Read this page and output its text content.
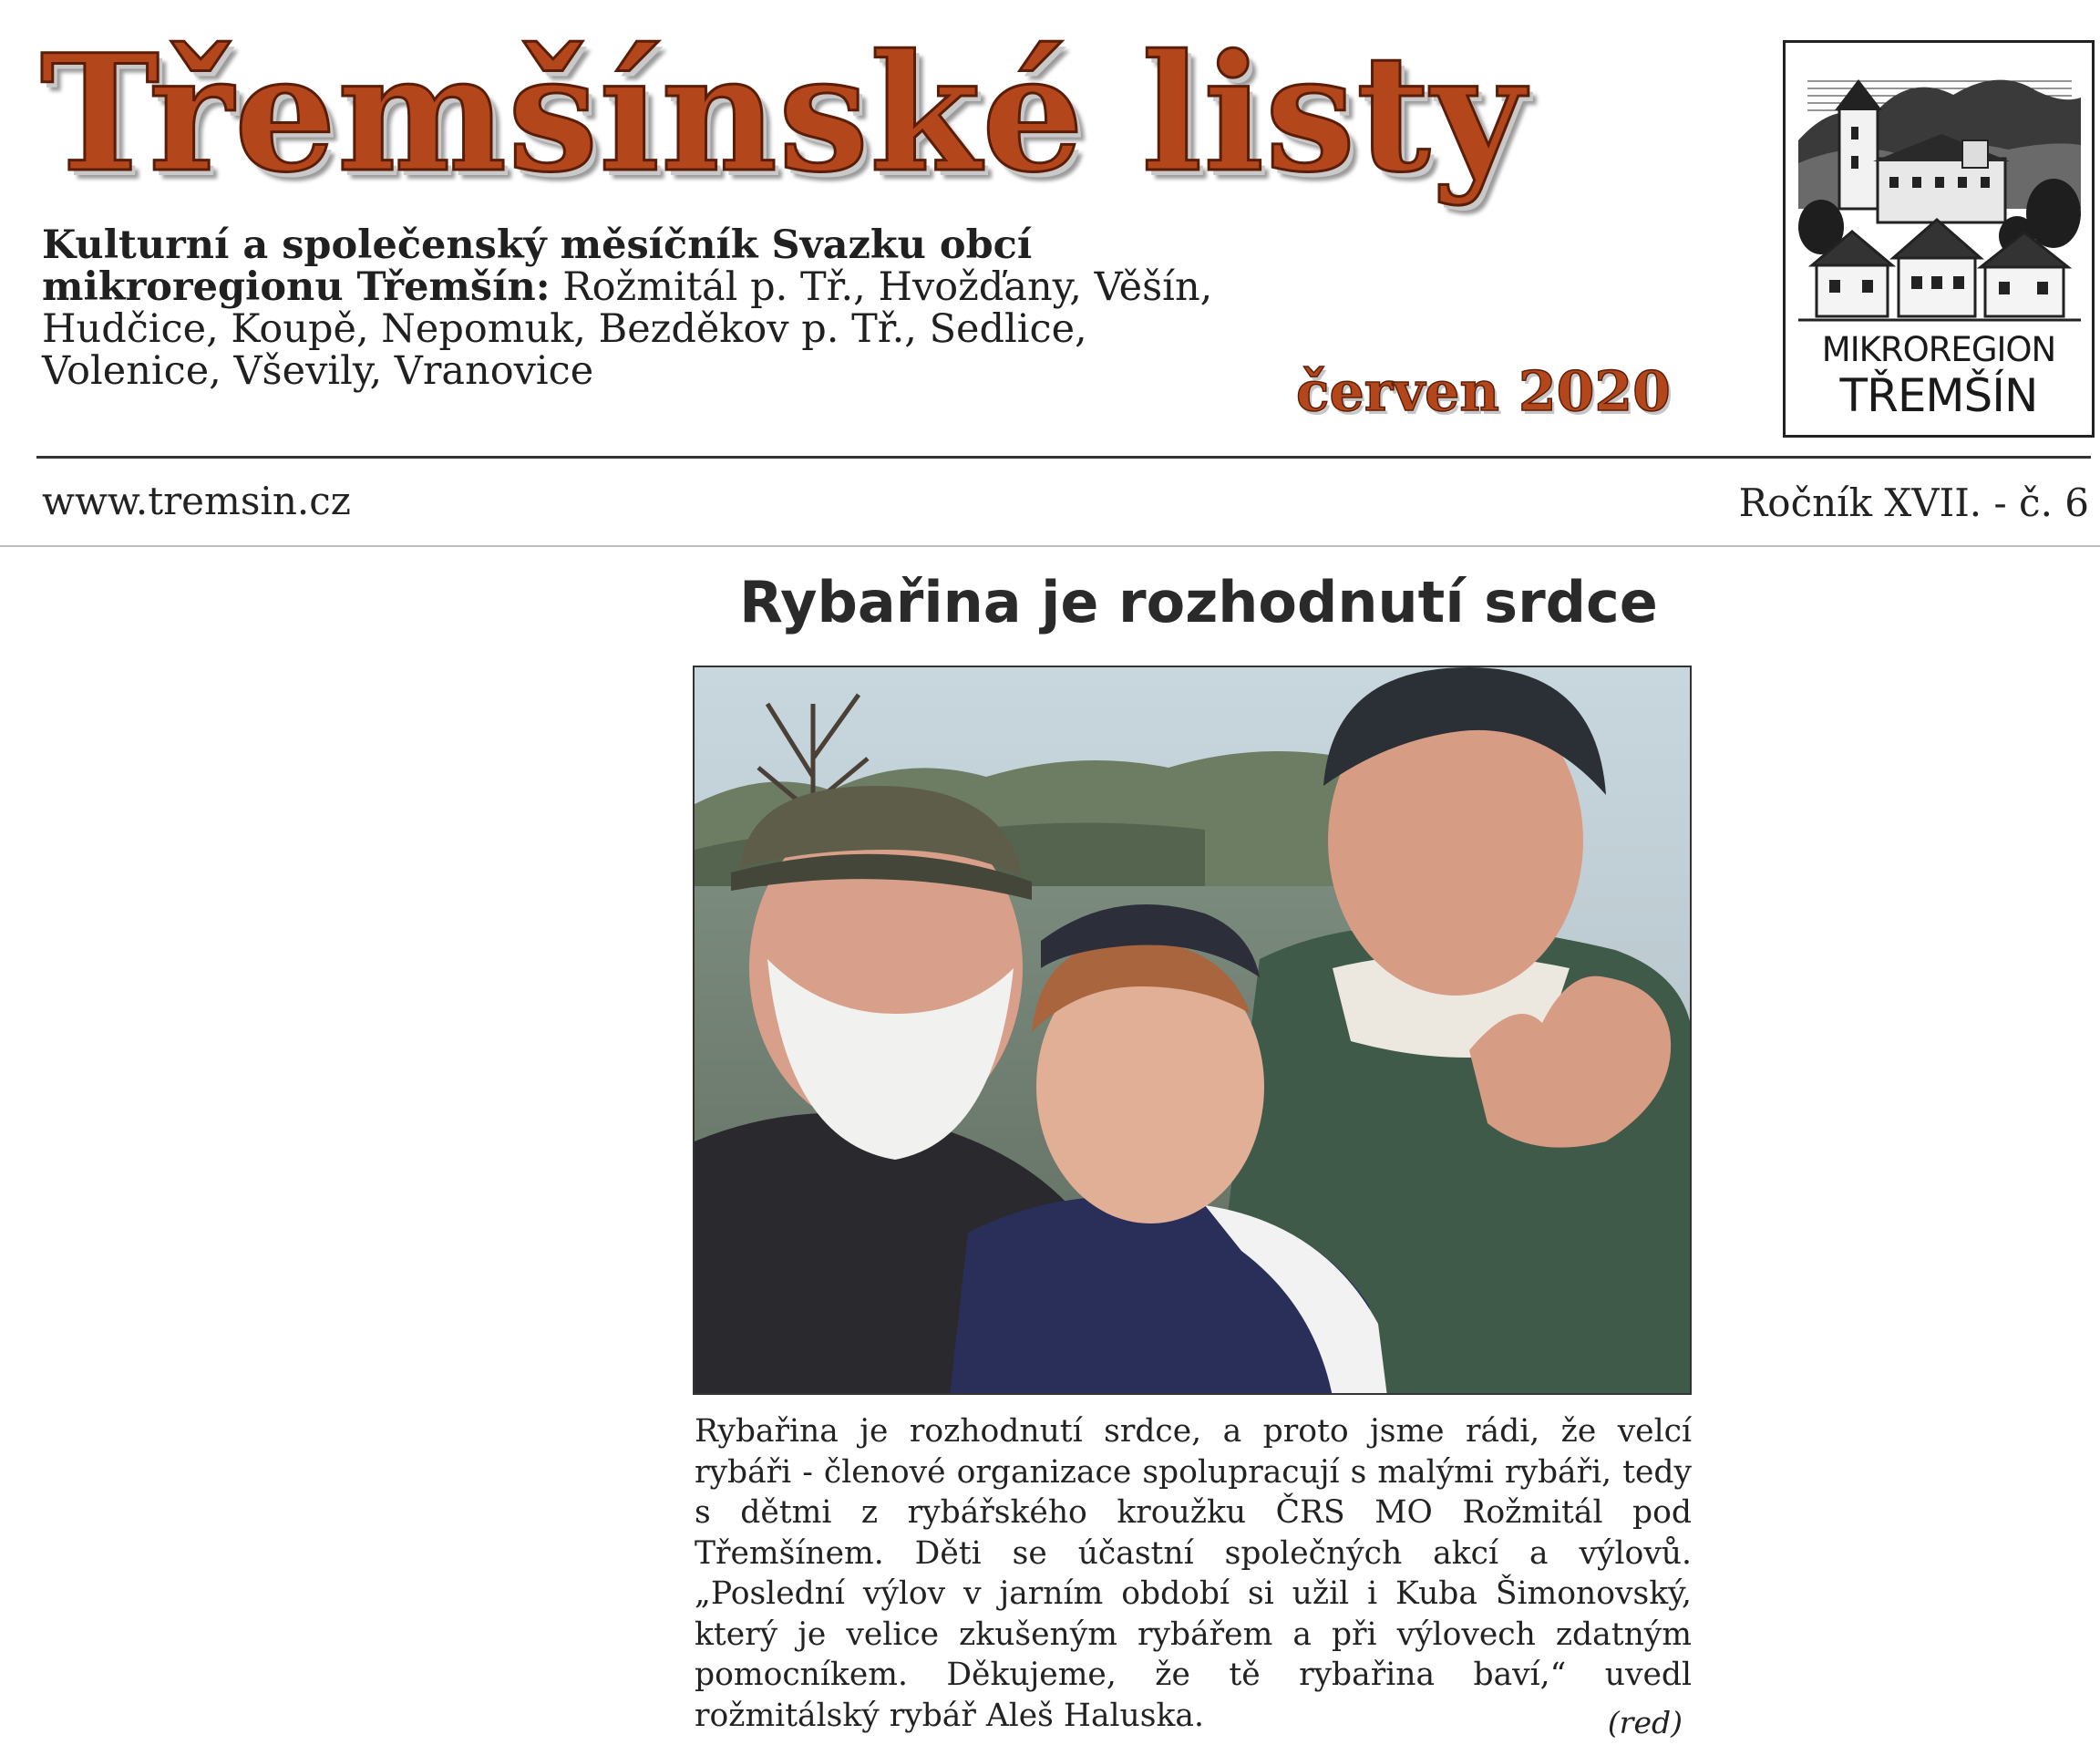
Třemšínské listy
Kulturní a společenský měsíčník Svazku obcí mikroregionu Třemšín: Rožmitál p. Tř., Hvožďany, Věšín, Hudčice, Koupě, Nepomuk, Bezděkov p. Tř., Sedlice, Volenice, Vševily, Vranovice	červen 2020
MIKROREGION
TŘEMŠÍN
www.tremsin.cz	Ročník XVII. - č. 6
Rybařina je rozhodnutí srdce
Rybařina je rozhodnutí srdce, a proto jsme rádi, že velcí rybáři - členové organizace spolupracují s malými rybáři, tedy s dětmi z rybářského kroužku ČRS MO Rožmitál pod Třemšínem. Děti se účastní společných akcí a výlovů. „Poslední výlov v jarním období si užil i Kuba Šimonovský, který je velice zkušeným rybářem a při výlovech zdatným pomocníkem. Děkujeme, že tě rybařina baví,“ uvedl rožmitálský rybář Aleš Haluska.	(red)
